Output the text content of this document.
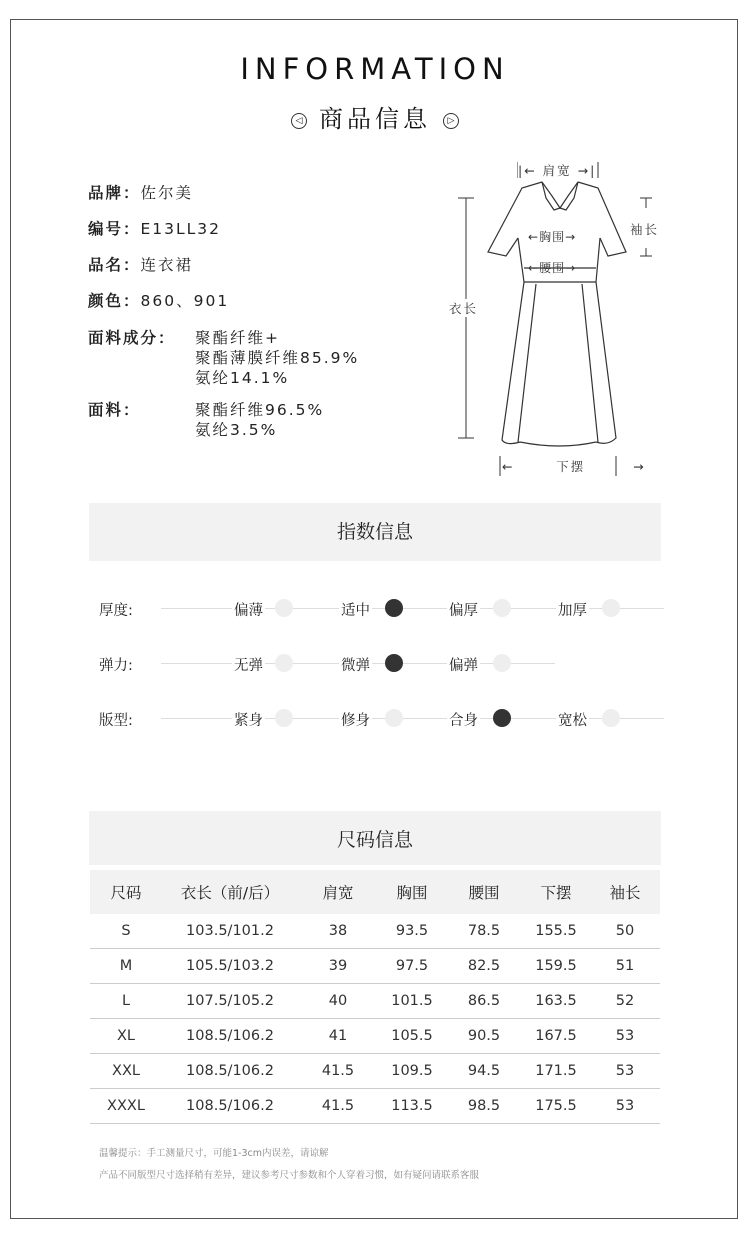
INFORMATION
◁ 商品信息 ▷
品牌：佐尔美
编号：E13LL32
品名：连衣裙
颜色：860、901
面料成分： 聚酯纤维+
聚酯薄膜纤维85.9%
氨纶14.1%
面料：	聚酯纤维96.5%
氨纶3.5%
|← 肩宽 →|
袖长
←胸围→
←腰围→
衣长
←       下摆        →
指数信息
厚度:	偏薄	适中	偏厚	加厚
弹力:	无弹	微弹	偏弹
版型:	紧身	修身	合身	宽松
尺码信息
尺码	衣长（前/后）	肩宽	胸围	腰围	下摆	袖长
S	103.5/101.2	38	93.5	78.5	155.5	50
M	105.5/103.2	39	97.5	82.5	159.5	51
L	107.5/105.2	40	101.5	86.5	163.5	52
XL	108.5/106.2	41	105.5	90.5	167.5	53
XXL	108.5/106.2	41.5	109.5	94.5	171.5	53
XXXL	108.5/106.2	41.5	113.5	98.5	175.5	53
温馨提示：手工测量尺寸，可能1-3cm内误差，请谅解
产品不同版型尺寸选择稍有差异，建议参考尺寸参数和个人穿着习惯，如有疑问请联系客服
